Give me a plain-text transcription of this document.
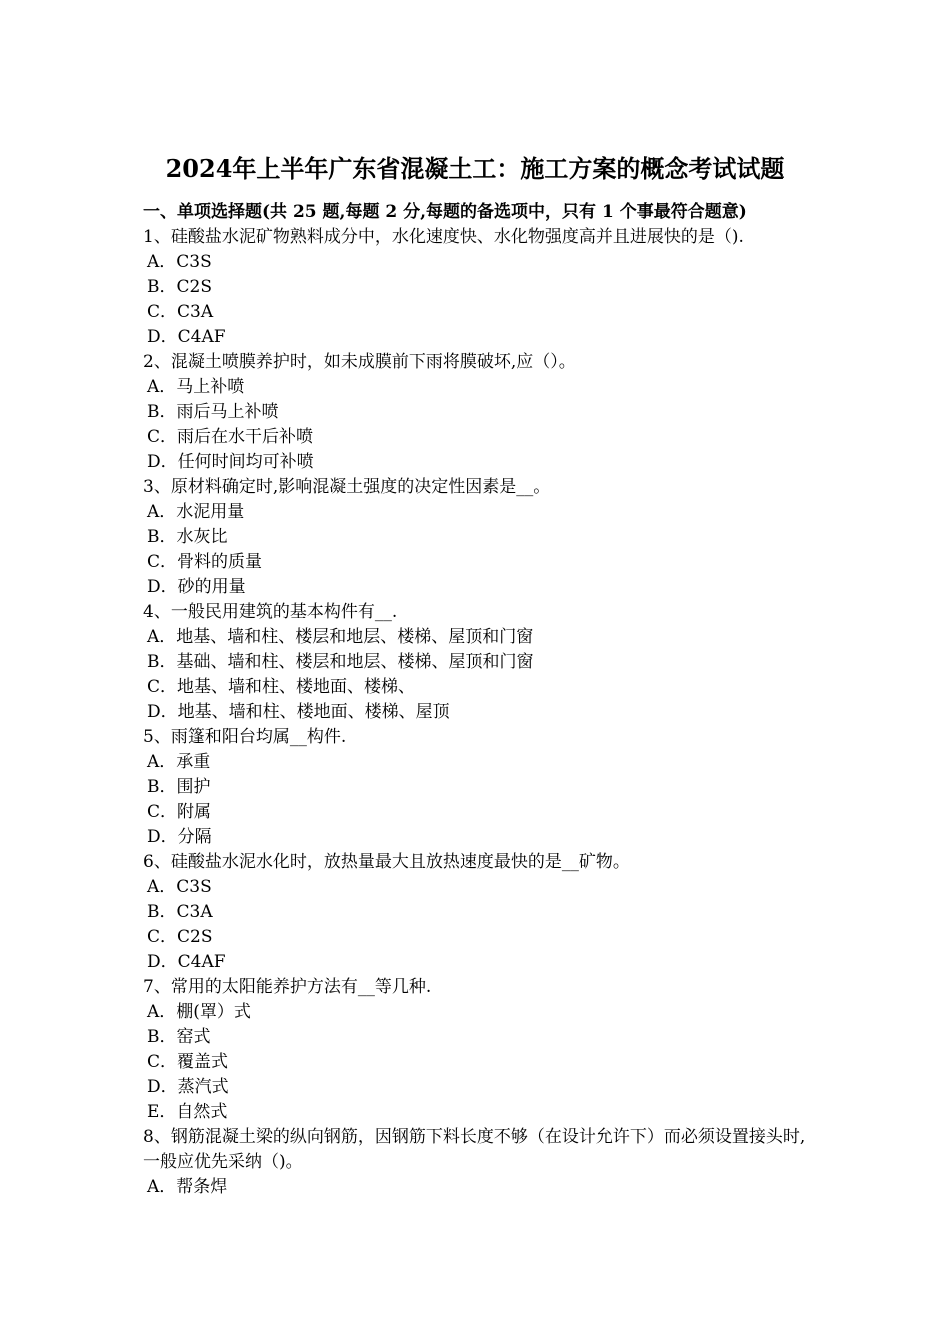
2024年上半年广东省混凝土工：施工方案的概念考试试题
一、单项选择题(共 25 题,每题 2 分,每题的备选项中，只有 1 个事最符合题意)

1、硅酸盐水泥矿物熟料成分中，水化速度快、水化物强度高并且进展快的是（).

A．C3S

B．C2S

C．C3A

D．C4AF

2、混凝土喷膜养护时，如未成膜前下雨将膜破坏,应（）。

A．马上补喷

B．雨后马上补喷

C．雨后在水干后补喷

D．任何时间均可补喷

3、原材料确定时,影响混凝土强度的决定性因素是__。

A．水泥用量

B．水灰比

C．骨料的质量

D．砂的用量

4、一般民用建筑的基本构件有__.

A．地基、墙和柱、楼层和地层、楼梯、屋顶和门窗

B．基础、墙和柱、楼层和地层、楼梯、屋顶和门窗

C．地基、墙和柱、楼地面、楼梯、

D．地基、墙和柱、楼地面、楼梯、屋顶

5、雨篷和阳台均属__构件.

A．承重

B．围护

C．附属

D．分隔

6、硅酸盐水泥水化时，放热量最大且放热速度最快的是__矿物。

A．C3S

B．C3A

C．C2S

D．C4AF

7、常用的太阳能养护方法有__等几种.

A．棚(罩）式

B．窑式

C．覆盖式

D．蒸汽式

E．自然式

8、钢筋混凝土梁的纵向钢筋，因钢筋下料长度不够（在设计允许下）而必须设置接头时,一般应优先采纳（)。

A．帮条焊
